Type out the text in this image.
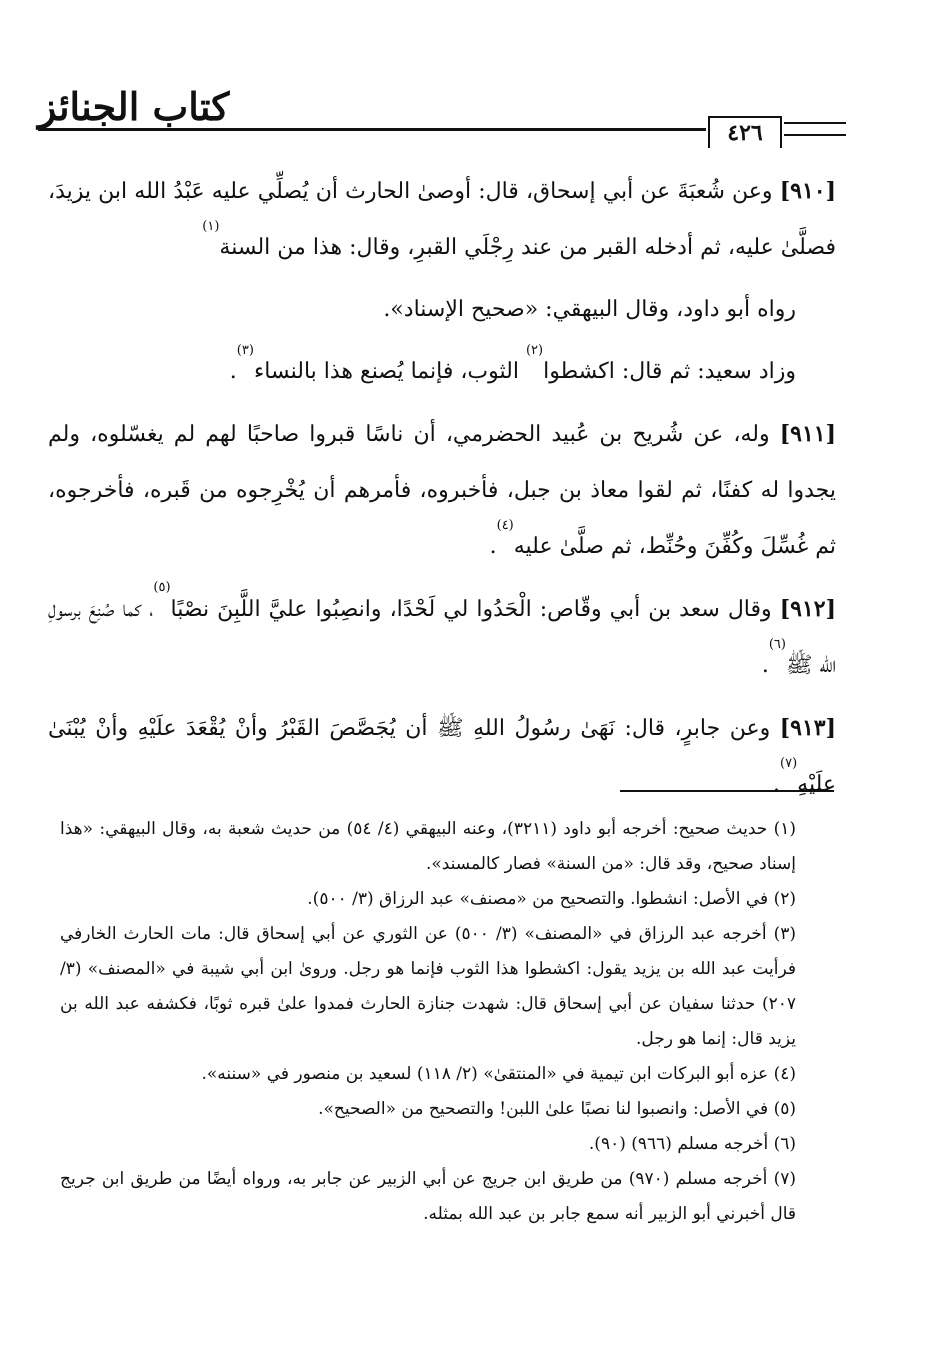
كتاب الجنائز
٤٢٦

[٩١٠] وعن شُعبَةَ عن أبي إسحاق، قال: أوصىٰ الحارث أن يُصلِّي عليه عَبْدُ الله ابن يزيدَ، فصلَّىٰ عليه، ثم أدخله القبر من عند رِجْلَي القبرِ، وقال: هذا من السنة$^{(١)}$

رواه أبو داود، وقال البيهقي: «صحيح الإسناد».

وزاد سعيد: ثم قال: اكشطوا$^{(٢)}$ الثوب، فإنما يُصنع هذا بالنساء$^{(٣)}$.

[٩١١] وله، عن شُريح بن عُبيد الحضرمي، أن ناسًا قبروا صاحبًا لهم لم يغسّلوه، ولم يجدوا له كفنًا، ثم لقوا معاذ بن جبل، فأخبروه، فأمرهم أن يُخْرِجوه من قَبره، فأخرجوه، ثم غُسِّلَ وكُفِّنَ وحُنِّط، ثم صلَّىٰ عليه$^{(٤)}$.

[٩١٢] وقال سعد بن أبي وقّاص: الْحَدُوا لي لَحْدًا، وانصِبُوا عليَّ اللَّبِنَ نصْبًا$^{(٥)}$، كما صُنِعَ برسولِ الله ﷺ$^{(٦)}$.

[٩١٣] وعن جابرٍ، قال: نَهَىٰ رسُولُ اللهِ ﷺ أن يُجَصَّصَ القَبْرُ وأنْ يُقْعَدَ علَيْهِ وأنْ يُبْنَىٰ علَيْهِ$^{(٧)}$.

(١) حديث صحيح: أخرجه أبو داود (٣٢١١)، وعنه البيهقي (٤/ ٥٤) من حديث شعبة به، وقال البيهقي: «هذا إسناد صحيح، وقد قال: «من السنة» فصار كالمسند».

(٢) في الأصل: انشطوا. والتصحيح من «مصنف» عبد الرزاق (٣/ ٥٠٠).

(٣) أخرجه عبد الرزاق في «المصنف» (٣/ ٥٠٠) عن الثوري عن أبي إسحاق قال: مات الحارث الخارفي فرأيت عبد الله بن يزيد يقول: اكشطوا هذا الثوب فإنما هو رجل. وروىٰ ابن أبي شيبة في «المصنف» (٣/ ٢٠٧) حدثنا سفيان عن أبي إسحاق قال: شهدت جنازة الحارث فمدوا علىٰ قبره ثوبًا، فكشفه عبد الله بن يزيد قال: إنما هو رجل.

(٤) عزه أبو البركات ابن تيمية في «المنتقىٰ» (٢/ ١١٨) لسعيد بن منصور في «سننه».

(٥) في الأصل: وانصبوا لنا نصبًا علىٰ اللبن! والتصحيح من «الصحيح».

(٦) أخرجه مسلم (٩٦٦) (٩٠).

(٧) أخرجه مسلم (٩٧٠) من طريق ابن جريج عن أبي الزبير عن جابر به، ورواه أيضًا من طريق ابن جريج قال أخبرني أبو الزبير أنه سمع جابر بن عبد الله بمثله.
